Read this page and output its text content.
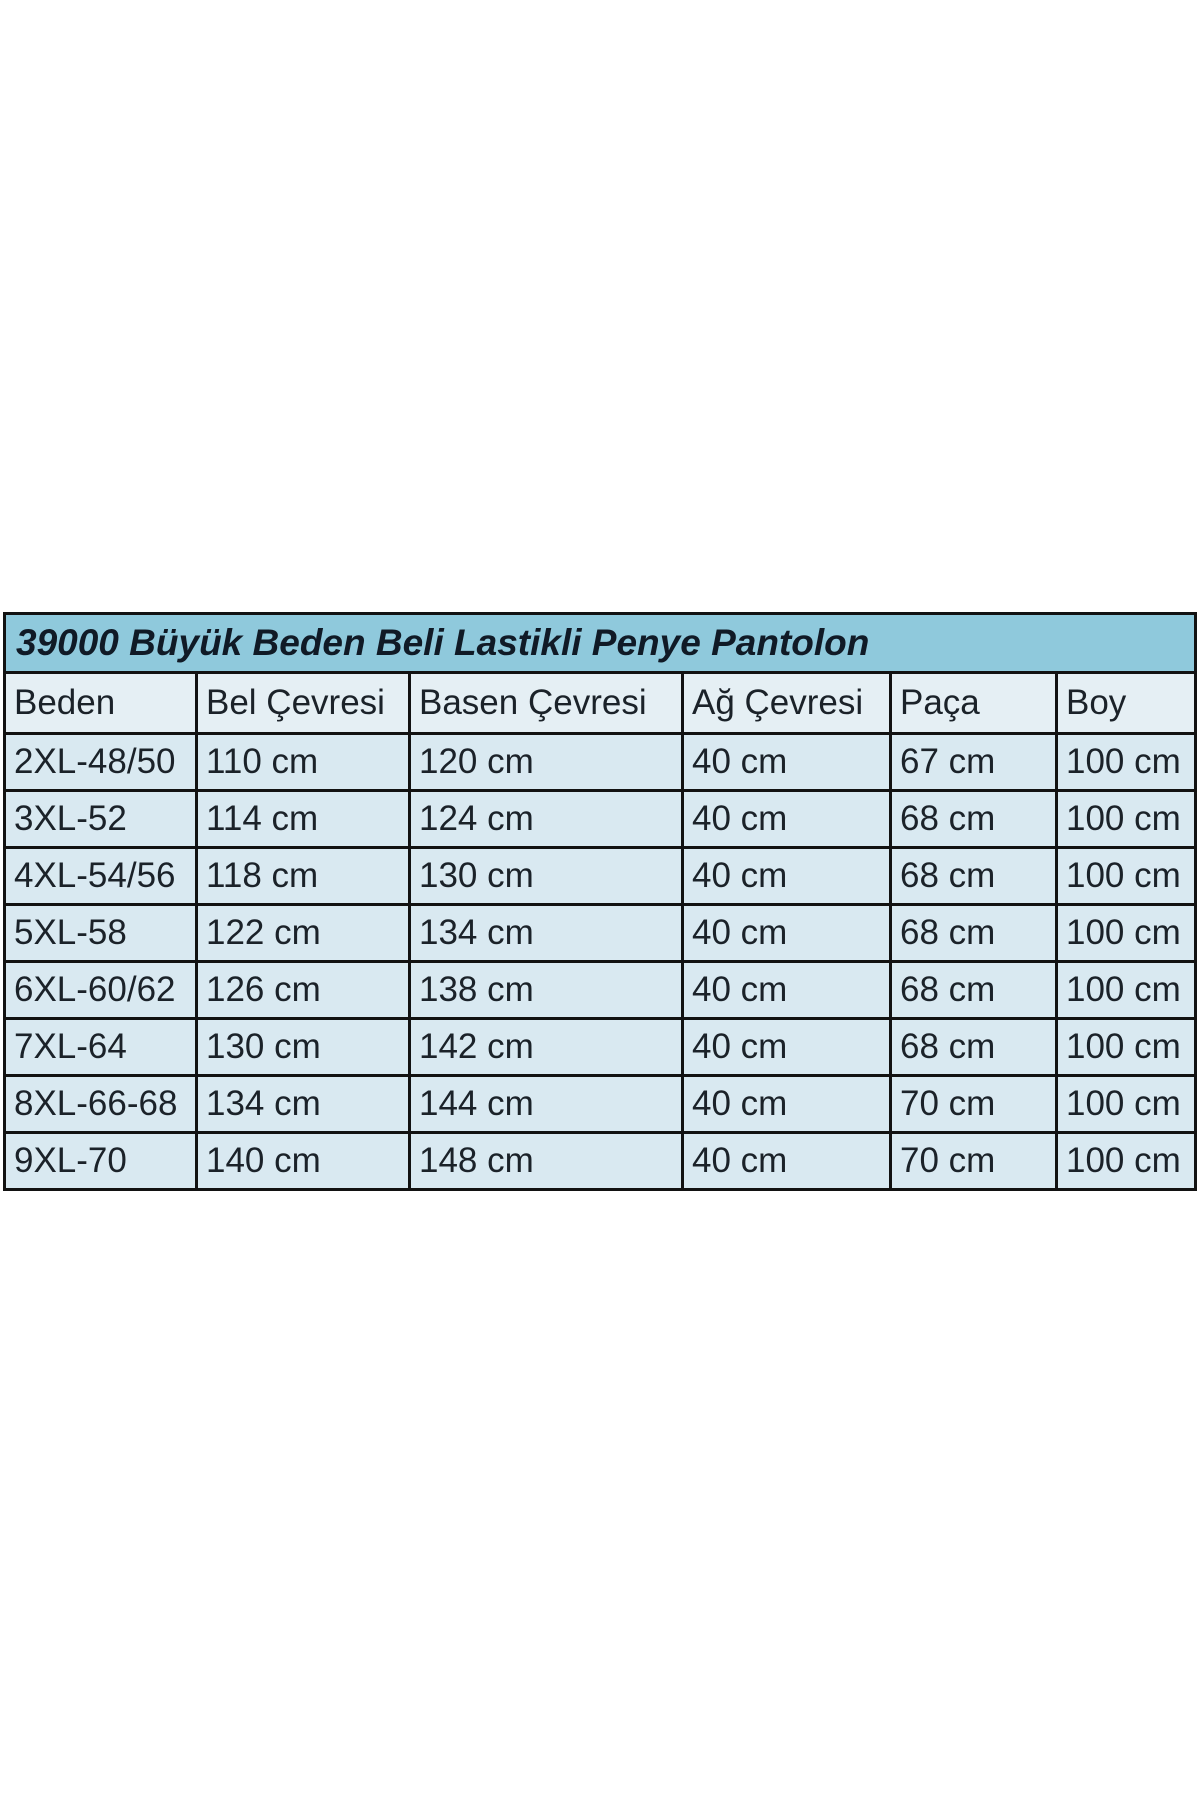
39000 Büyük Beden Beli Lastikli Penye Pantolon					
Beden	Bel Çevresi	Basen Çevresi	Ağ Çevresi	Paça	Boy
2XL-48/50	110 cm	120 cm	40 cm	67 cm	100 cm
3XL-52	114 cm	124 cm	40 cm	68 cm	100 cm
4XL-54/56	118 cm	130 cm	40 cm	68 cm	100 cm
5XL-58	122 cm	134 cm	40 cm	68 cm	100 cm
6XL-60/62	126 cm	138 cm	40 cm	68 cm	100 cm
7XL-64	130 cm	142 cm	40 cm	68 cm	100 cm
8XL-66-68	134 cm	144 cm	40 cm	70 cm	100 cm
9XL-70	140 cm	148 cm	40 cm	70 cm	100 cm
